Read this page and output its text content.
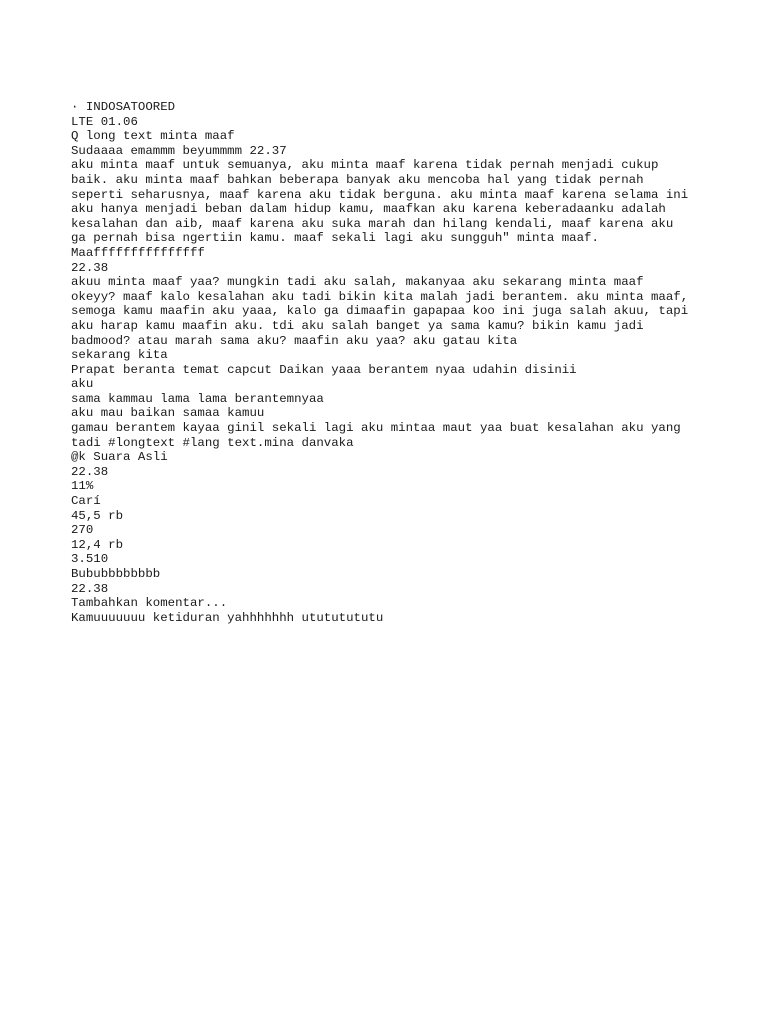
· INDOSATOORED
LTE 01.06
Q long text minta maaf
Sudaaaa emammm beyummmm 22.37
aku minta maaf untuk semuanya, aku minta maaf karena tidak pernah menjadi cukup
baik. aku minta maaf bahkan beberapa banyak aku mencoba hal yang tidak pernah
seperti seharusnya, maaf karena aku tidak berguna. aku minta maaf karena selama ini
aku hanya menjadi beban dalam hidup kamu, maafkan aku karena keberadaanku adalah
kesalahan dan aib, maaf karena aku suka marah dan hilang kendali, maaf karena aku
ga pernah bisa ngertiin kamu. maaf sekali lagi aku sungguh" minta maaf.
Maafffffffffffffff
22.38
akuu minta maaf yaa? mungkin tadi aku salah, makanyaa aku sekarang minta maaf
okeyy? maaf kalo kesalahan aku tadi bikin kita malah jadi berantem. aku minta maaf,
semoga kamu maafin aku yaaa, kalo ga dimaafin gapapaa koo ini juga salah akuu, tapi
aku harap kamu maafin aku. tdi aku salah banget ya sama kamu? bikin kamu jadi
badmood? atau marah sama aku? maafin aku yaa? aku gatau kita
sekarang kita
Prapat beranta temat capcut Daikan yaaa berantem nyaa udahin disinii
aku
sama kammau lama lama berantemnyaa
aku mau baikan samaa kamuu
gamau berantem kayaa ginil sekali lagi aku mintaa maut yaa buat kesalahan aku yang
tadi #longtext #lang text.mina danvaka
@k Suara Asli
22.38
11%
Carí
45,5 rb
270
12,4 rb
3.510
Bububbbbbbbb
22.38
Tambahkan komentar...
Kamuuuuuuu ketiduran yahhhhhhh utututututu
